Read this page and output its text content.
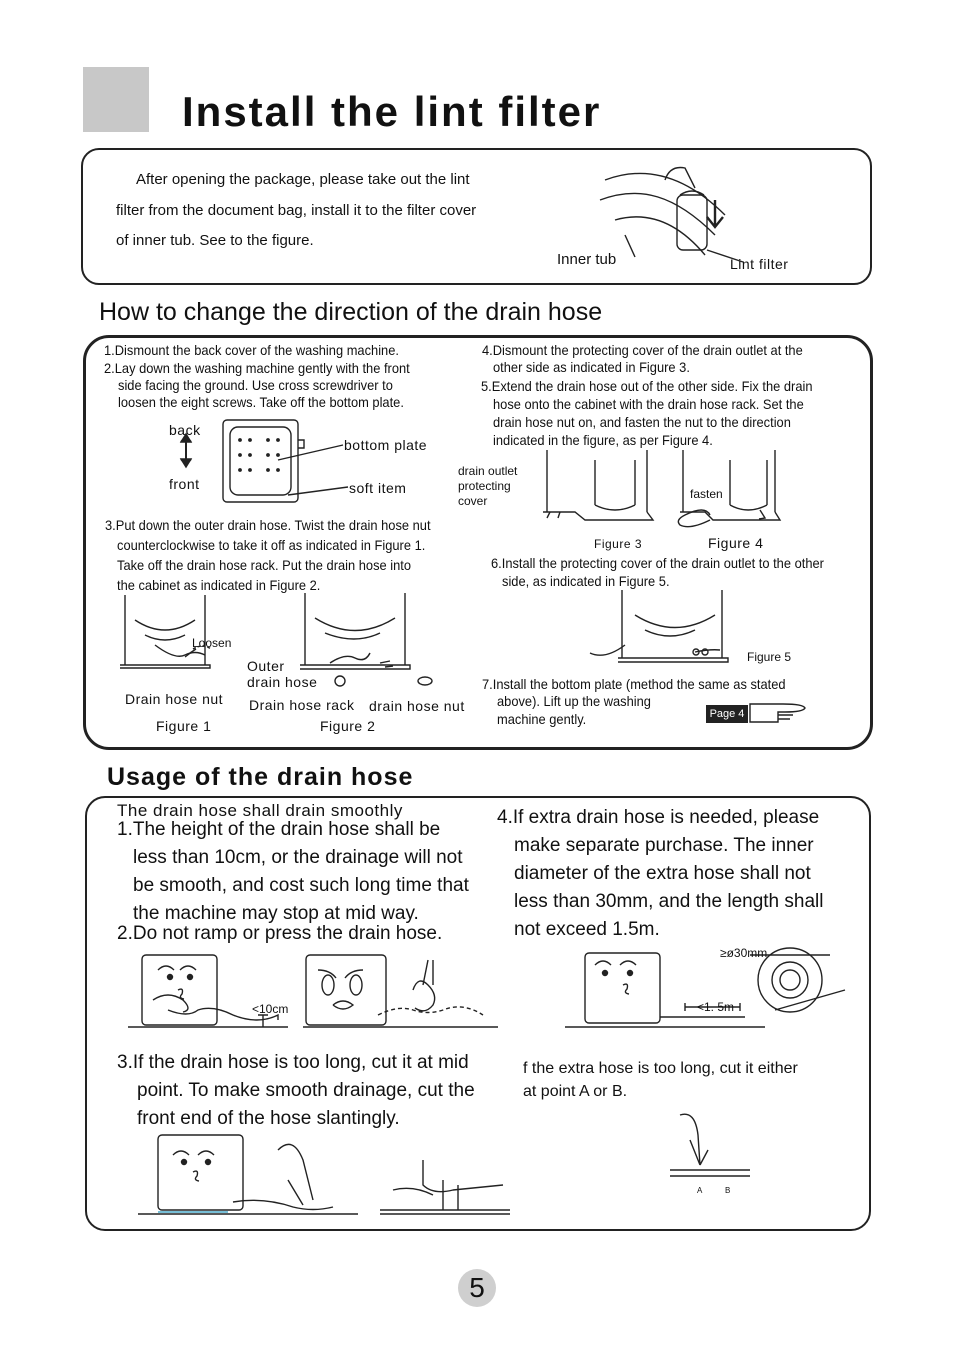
Install the lint filter
After opening the package, please take out the lint
filter from the document bag, install it to the filter cover
of inner tub. See to the figure.
Inner tub	Lint filter
How to change the direction of the drain hose
1.Dismount the back cover of the washing machine.
2.Lay down the washing machine gently with the front
side facing the ground. Use cross screwdriver to
loosen the eight screws. Take off the bottom plate.
back
front
bottom plate
soft item
3.Put down the outer drain hose. Twist the drain hose nut
counterclockwise to take it off as indicated in Figure 1.
Take off the drain hose rack. Put the drain hose into
the cabinet as indicated in Figure 2.
Loosen
Drain hose nut
Figure 1
Outer
drain hose
Drain hose rack drain hose nut
Figure 2
4.Dismount the protecting cover of the drain outlet at the
other side as indicated in Figure 3.
5.Extend the drain hose out of the other side. Fix the drain
hose onto the cabinet with the drain hose rack. Set the
drain hose nut on, and fasten the nut to the direction
indicated in the figure, as per Figure 4.
drain outlet
protecting
cover	fasten
Figure 3	Figure 4
6.Install the protecting cover of the drain outlet to the other
side, as indicated in Figure 5.
Figure 5
7.Install the bottom plate (method the same as stated
above). Lift up the washing
machine gently.	Page 4
Usage of the drain hose
The drain hose shall drain smoothly
1.The height of the drain hose shall be
less than 10cm, or the drainage will not
be smooth, and cost such long time that
the machine may stop at mid way.
2.Do not ramp or press the drain hose.
<10cm
3.If the drain hose is too long, cut it at mid
point. To make smooth drainage, cut the
front end of the hose slantingly.
4.If extra drain hose is needed, please
make separate purchase. The inner
diameter of the extra hose shall not
less than 30mm, and the length shall
not exceed 1.5m.
≥ø30mm
<1. 5m
f the extra hose is too long, cut it either
at point A or B.
A	B
5
